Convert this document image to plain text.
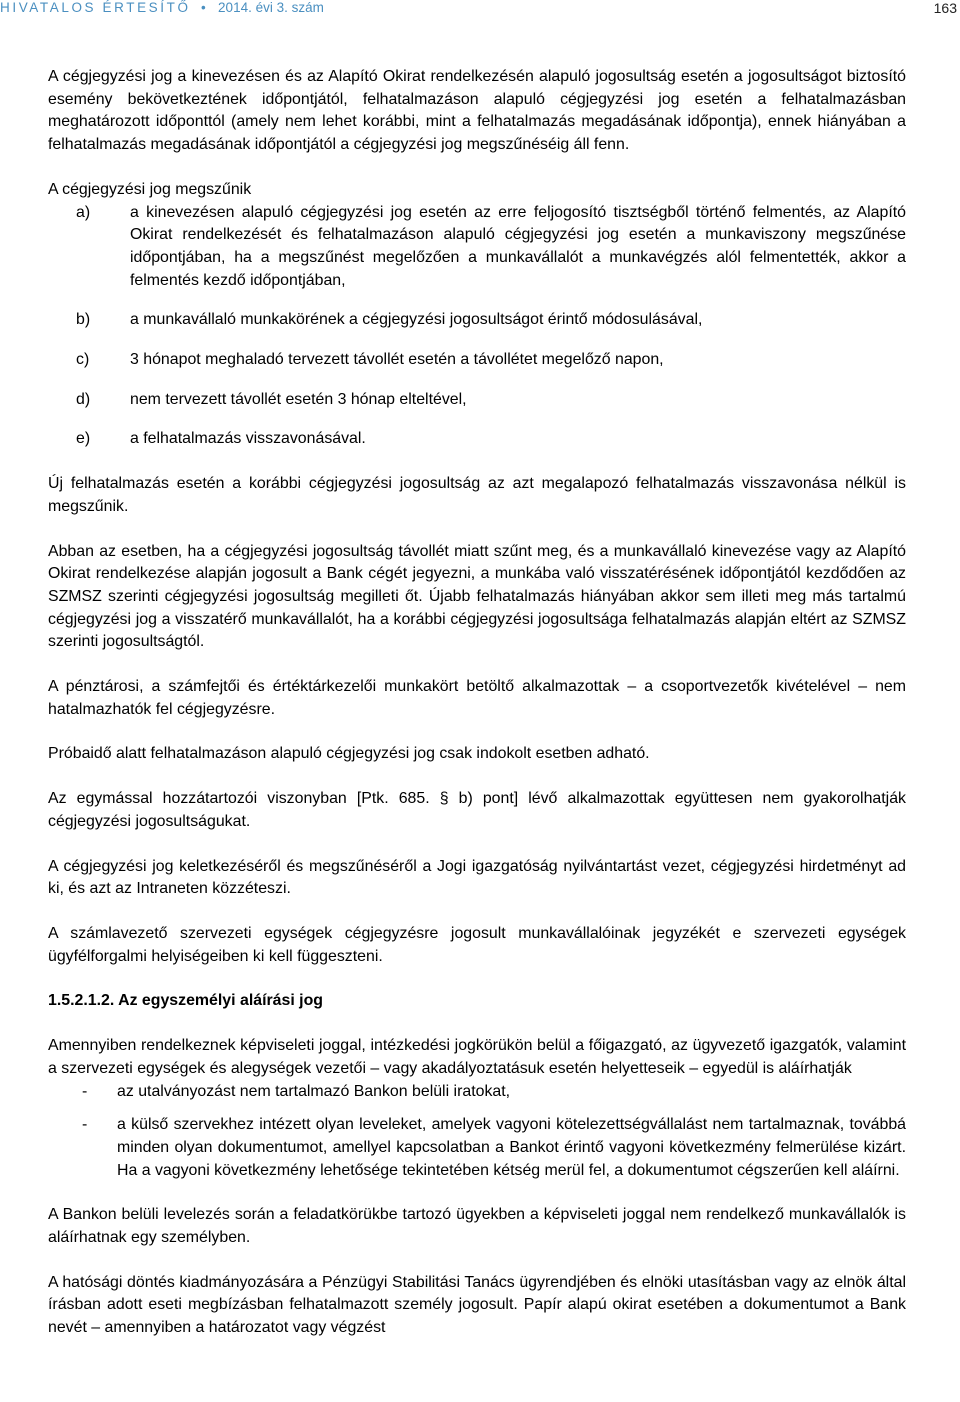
HIVATALOS ÉRTESÍTŐ • 2014. évi 3. szám	163

A cégjegyzési jog a kinevezésen és az Alapító Okirat rendelkezésén alapuló jogosultság esetén a jogosultságot biztosító esemény bekövetkeztének időpontjától, felhatalmazáson alapuló cégjegyzési jog esetén a felhatalmazásban meghatározott időponttól (amely nem lehet korábbi, mint a felhatalmazás megadásának időpontja), ennek hiányában a felhatalmazás megadásának időpontjától a cégjegyzési jog megszűnéséig áll fenn.

A cégjegyzési jog megszűnik

a)	a kinevezésen alapuló cégjegyzési jog esetén az erre feljogosító tisztségből történő felmentés, az Alapító Okirat rendelkezését és felhatalmazáson alapuló cégjegyzési jog esetén a munkaviszony megszűnése időpontjában, ha a megszűnést megelőzően a munkavállalót a munkavégzés alól felmentették, akkor a felmentés kezdő időpontjában,
b)	a munkavállaló munkakörének a cégjegyzési jogosultságot érintő módosulásával,
c)	3 hónapot meghaladó tervezett távollét esetén a távollétet megelőző napon,
d)	nem tervezett távollét esetén 3 hónap elteltével,
e)	a felhatalmazás visszavonásával.

Új felhatalmazás esetén a korábbi cégjegyzési jogosultság az azt megalapozó felhatalmazás visszavonása nélkül is megszűnik.

Abban az esetben, ha a cégjegyzési jogosultság távollét miatt szűnt meg, és a munkavállaló kinevezése vagy az Alapító Okirat rendelkezése alapján jogosult a Bank cégét jegyezni, a munkába való visszatérésének időpontjától kezdődően az SZMSZ szerinti cégjegyzési jogosultság megilleti őt. Újabb felhatalmazás hiányában akkor sem illeti meg más tartalmú cégjegyzési jog a visszatérő munkavállalót, ha a korábbi cégjegyzési jogosultsága felhatalmazás alapján eltért az SZMSZ szerinti jogosultságtól.

A pénztárosi, a számfejtői és értéktárkezelői munkakört betöltő alkalmazottak – a csoportvezetők kivételével – nem hatalmazhatók fel cégjegyzésre.

Próbaidő alatt felhatalmazáson alapuló cégjegyzési jog csak indokolt esetben adható.

Az egymással hozzátartozói viszonyban [Ptk. 685. § b) pont] lévő alkalmazottak együttesen nem gyakorolhatják cégjegyzési jogosultságukat.

A cégjegyzési jog keletkezéséről és megszűnéséről a Jogi igazgatóság nyilvántartást vezet, cégjegyzési hirdetményt ad ki, és azt az Intraneten közzéteszi.

A számlavezető szervezeti egységek cégjegyzésre jogosult munkavállalóinak jegyzékét e szervezeti egységek ügyfélforgalmi helyiségeiben ki kell függeszteni.

1.5.2.1.2. Az egyszemélyi aláírási jog

Amennyiben rendelkeznek képviseleti joggal, intézkedési jogkörükön belül a főigazgató, az ügyvezető igazgatók, valamint a szervezeti egységek és alegységek vezetői – vagy akadályoztatásuk esetén helyetteseik – egyedül is aláírhatják

- az utalványozást nem tartalmazó Bankon belüli iratokat,
- a külső szervekhez intézett olyan leveleket, amelyek vagyoni kötelezettségvállalást nem tartalmaznak, továbbá minden olyan dokumentumot, amellyel kapcsolatban a Bankot érintő vagyoni következmény felmerülése kizárt. Ha a vagyoni következmény lehetősége tekintetében kétség merül fel, a dokumentumot cégszerűen kell aláírni.

A Bankon belüli levelezés során a feladatkörükbe tartozó ügyekben a képviseleti joggal nem rendelkező munkavállalók is aláírhatnak egy személyben.

A hatósági döntés kiadmányozására a Pénzügyi Stabilitási Tanács ügyrendjében és elnöki utasításban vagy az elnök által írásban adott eseti megbízásban felhatalmazott személy jogosult. Papír alapú okirat esetében a dokumentumot a Bank nevét – amennyiben a határozatot vagy végzést
